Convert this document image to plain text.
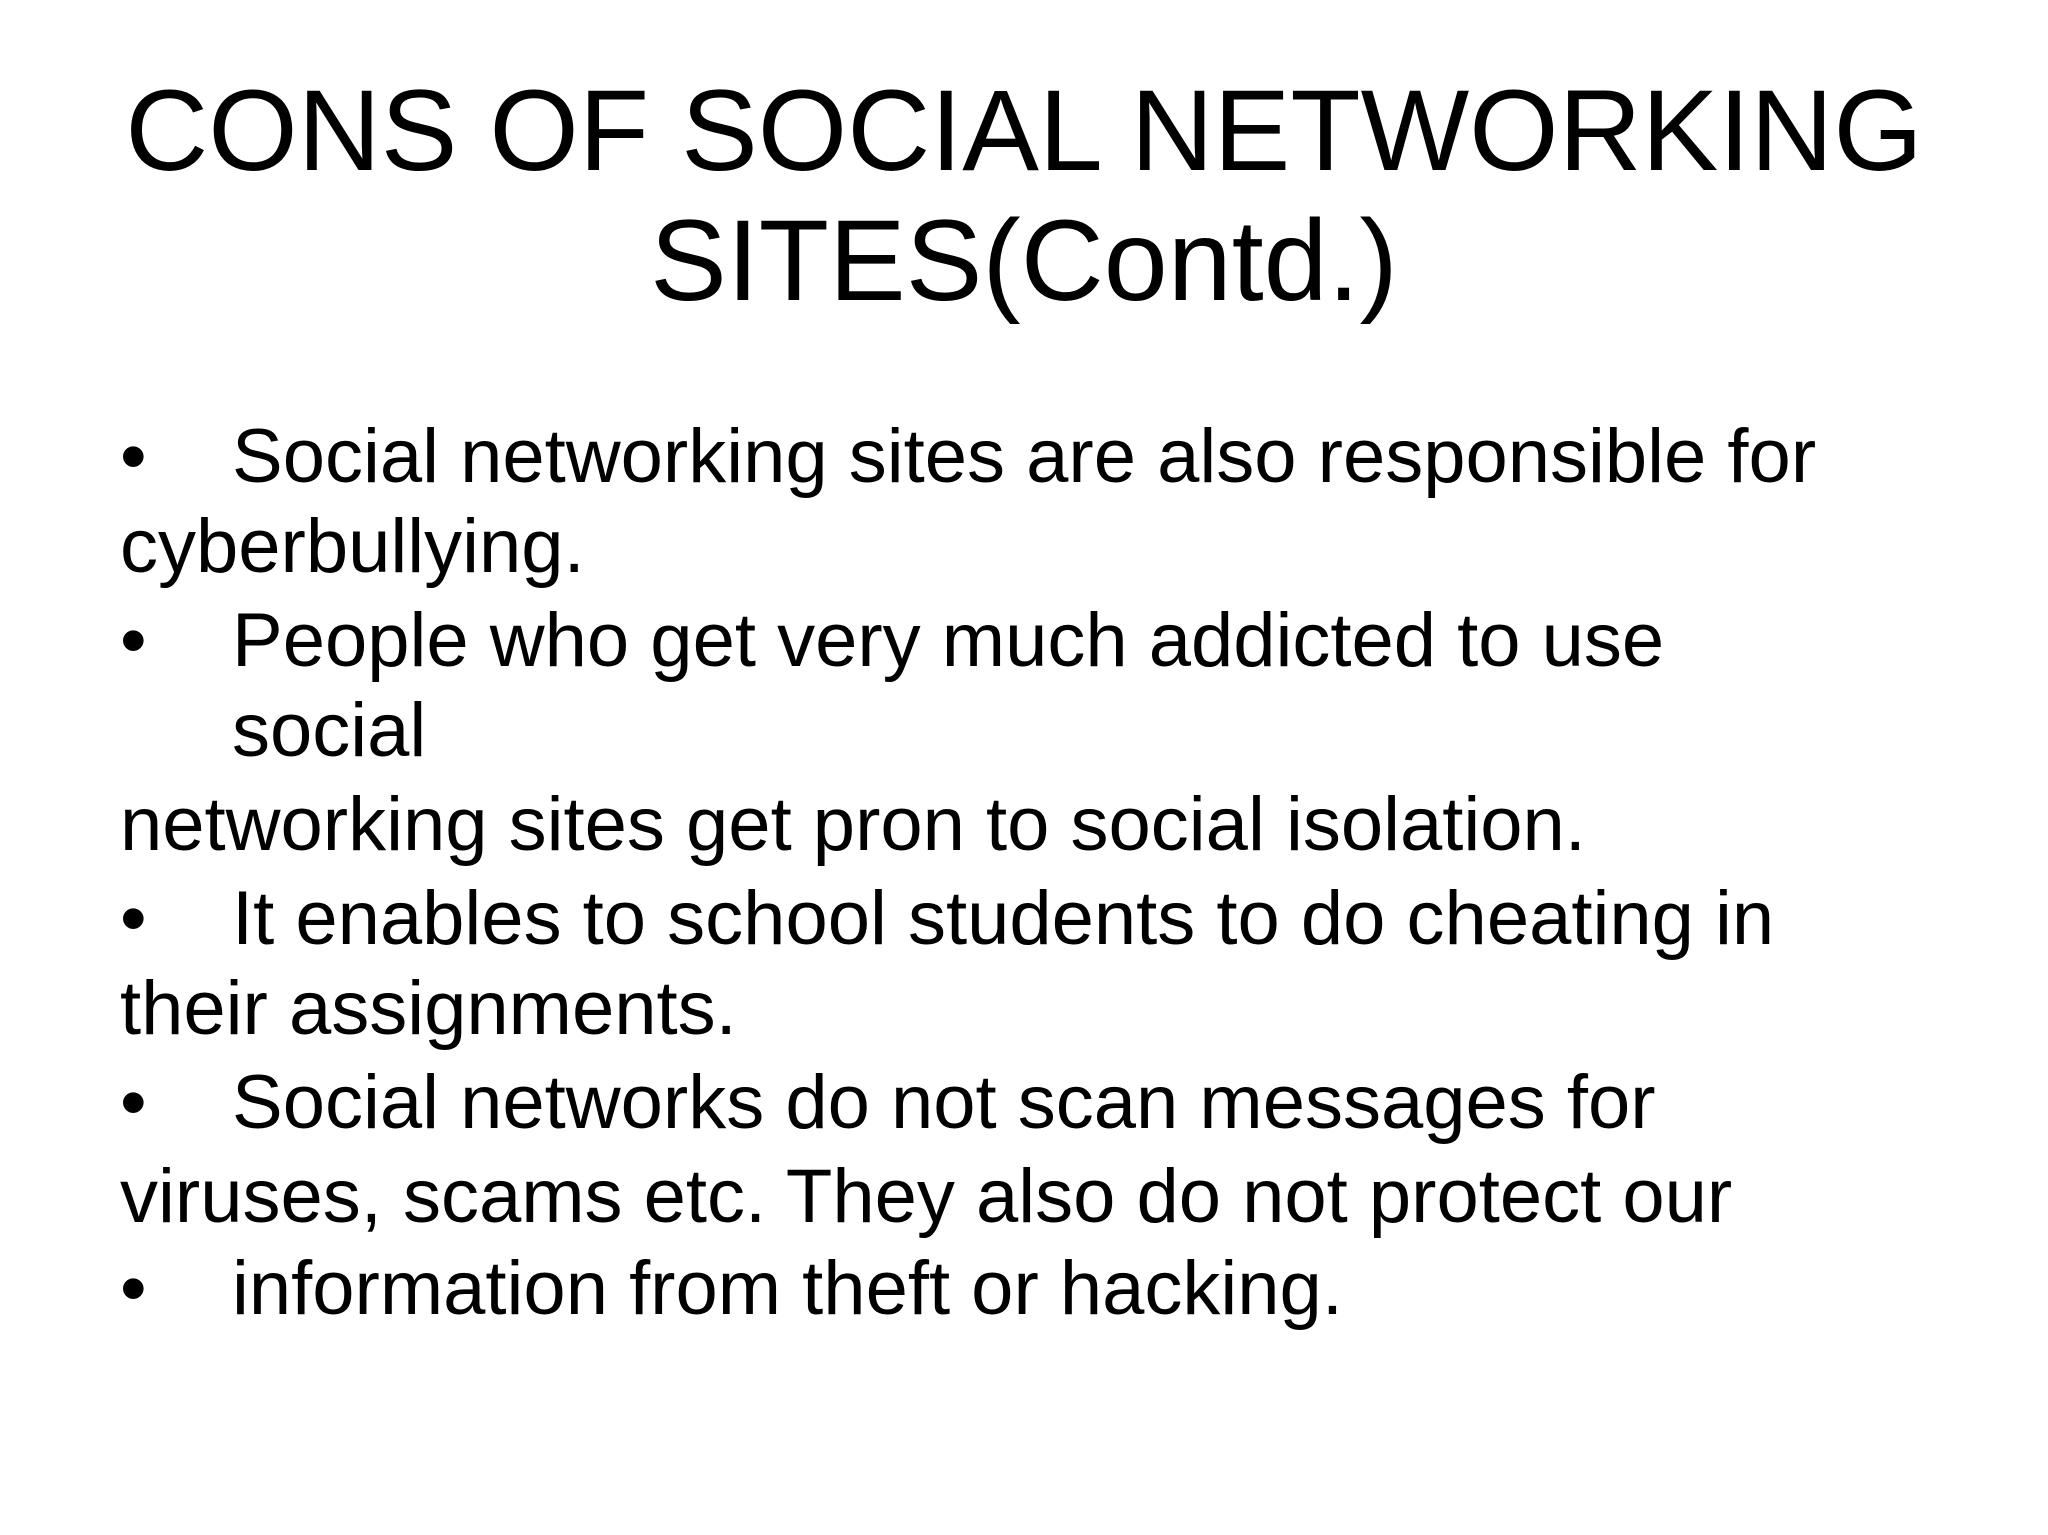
CONS OF SOCIAL NETWORKING
SITES(Contd.)
• Social networking sites are also responsible for

cyberbullying.

• People who get very much addicted to use

social

networking sites get pron to social isolation.

• It enables to school students to do cheating in

their assignments.

• Social networks do not scan messages for

viruses, scams etc. They also do not protect our

• information from theft or hacking.
